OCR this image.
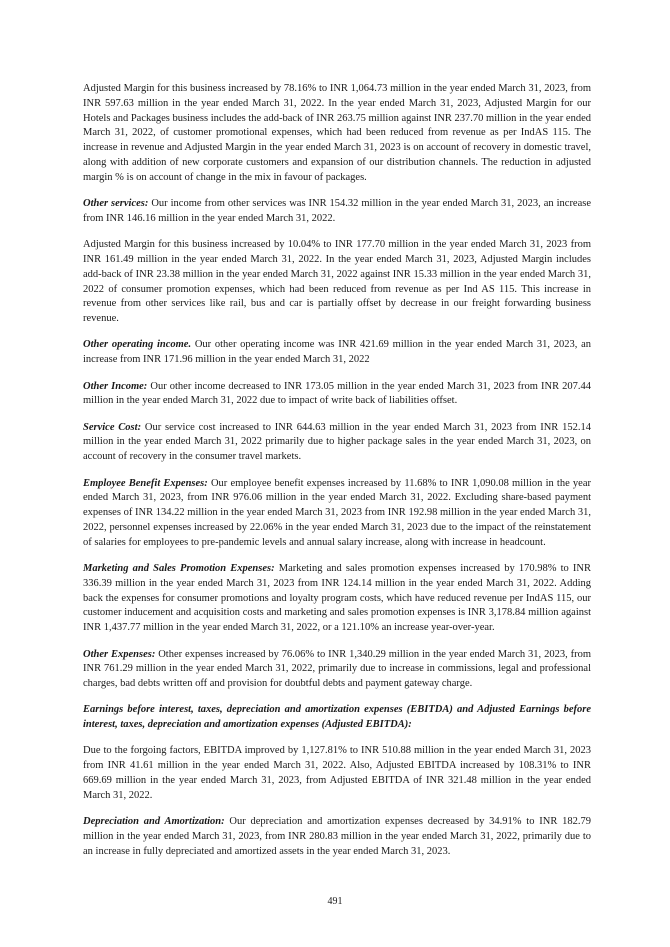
Adjusted Margin for this business increased by 78.16% to INR 1,064.73 million in the year ended March 31, 2023, from INR 597.63 million in the year ended March 31, 2022. In the year ended March 31, 2023, Adjusted Margin for our Hotels and Packages business includes the add-back of INR 263.75 million against INR 237.70 million in the year ended March 31, 2022, of customer promotional expenses, which had been reduced from revenue as per IndAS 115. The increase in revenue and Adjusted Margin in the year ended March 31, 2023 is on account of recovery in domestic travel, along with addition of new corporate customers and expansion of our distribution channels. The reduction in adjusted margin % is on account of change in the mix in favour of packages.

Other services: Our income from other services was INR 154.32 million in the year ended March 31, 2023, an increase from INR 146.16 million in the year ended March 31, 2022.

Adjusted Margin for this business increased by 10.04% to INR 177.70 million in the year ended March 31, 2023 from INR 161.49 million in the year ended March 31, 2022. In the year ended March 31, 2023, Adjusted Margin includes add-back of INR 23.38 million in the year ended March 31, 2022 against INR 15.33 million in the year ended March 31, 2022 of consumer promotion expenses, which had been reduced from revenue as per Ind AS 115. This increase in revenue from other services like rail, bus and car is partially offset by decrease in our freight forwarding business revenue.

Other operating income. Our other operating income was INR 421.69 million in the year ended March 31, 2023, an increase from INR 171.96 million in the year ended March 31, 2022

Other Income: Our other income decreased to INR 173.05 million in the year ended March 31, 2023 from INR 207.44 million in the year ended March 31, 2022 due to impact of write back of liabilities offset.

Service Cost: Our service cost increased to INR 644.63 million in the year ended March 31, 2023 from INR 152.14 million in the year ended March 31, 2022 primarily due to higher package sales in the year ended March 31, 2023, on account of recovery in the consumer travel markets.

Employee Benefit Expenses: Our employee benefit expenses increased by 11.68% to INR 1,090.08 million in the year ended March 31, 2023, from INR 976.06 million in the year ended March 31, 2022. Excluding share-based payment expenses of INR 134.22 million in the year ended March 31, 2023 from INR 192.98 million in the year ended March 31, 2022, personnel expenses increased by 22.06% in the year ended March 31, 2023 due to the impact of the reinstatement of salaries for employees to pre-pandemic levels and annual salary increase, along with increase in headcount.

Marketing and Sales Promotion Expenses: Marketing and sales promotion expenses increased by 170.98% to INR 336.39 million in the year ended March 31, 2023 from INR 124.14 million in the year ended March 31, 2022. Adding back the expenses for consumer promotions and loyalty program costs, which have reduced revenue per IndAS 115, our customer inducement and acquisition costs and marketing and sales promotion expenses is INR 3,178.84 million against INR 1,437.77 million in the year ended March 31, 2022, or a 121.10% an increase year-over-year.

Other Expenses: Other expenses increased by 76.06% to INR 1,340.29 million in the year ended March 31, 2023, from INR 761.29 million in the year ended March 31, 2022, primarily due to increase in commissions, legal and professional charges, bad debts written off and provision for doubtful debts and payment gateway charge.

Earnings before interest, taxes, depreciation and amortization expenses (EBITDA) and Adjusted Earnings before interest, taxes, depreciation and amortization expenses (Adjusted EBITDA):

Due to the forgoing factors, EBITDA improved by 1,127.81% to INR 510.88 million in the year ended March 31, 2023 from INR 41.61 million in the year ended March 31, 2022. Also, Adjusted EBITDA increased by 108.31% to INR 669.69 million in the year ended March 31, 2023, from Adjusted EBITDA of INR 321.48 million in the year ended March 31, 2022.

Depreciation and Amortization: Our depreciation and amortization expenses decreased by 34.91% to INR 182.79 million in the year ended March 31, 2023, from INR 280.83 million in the year ended March 31, 2022, primarily due to an increase in fully depreciated and amortized assets in the year ended March 31, 2023.

491
